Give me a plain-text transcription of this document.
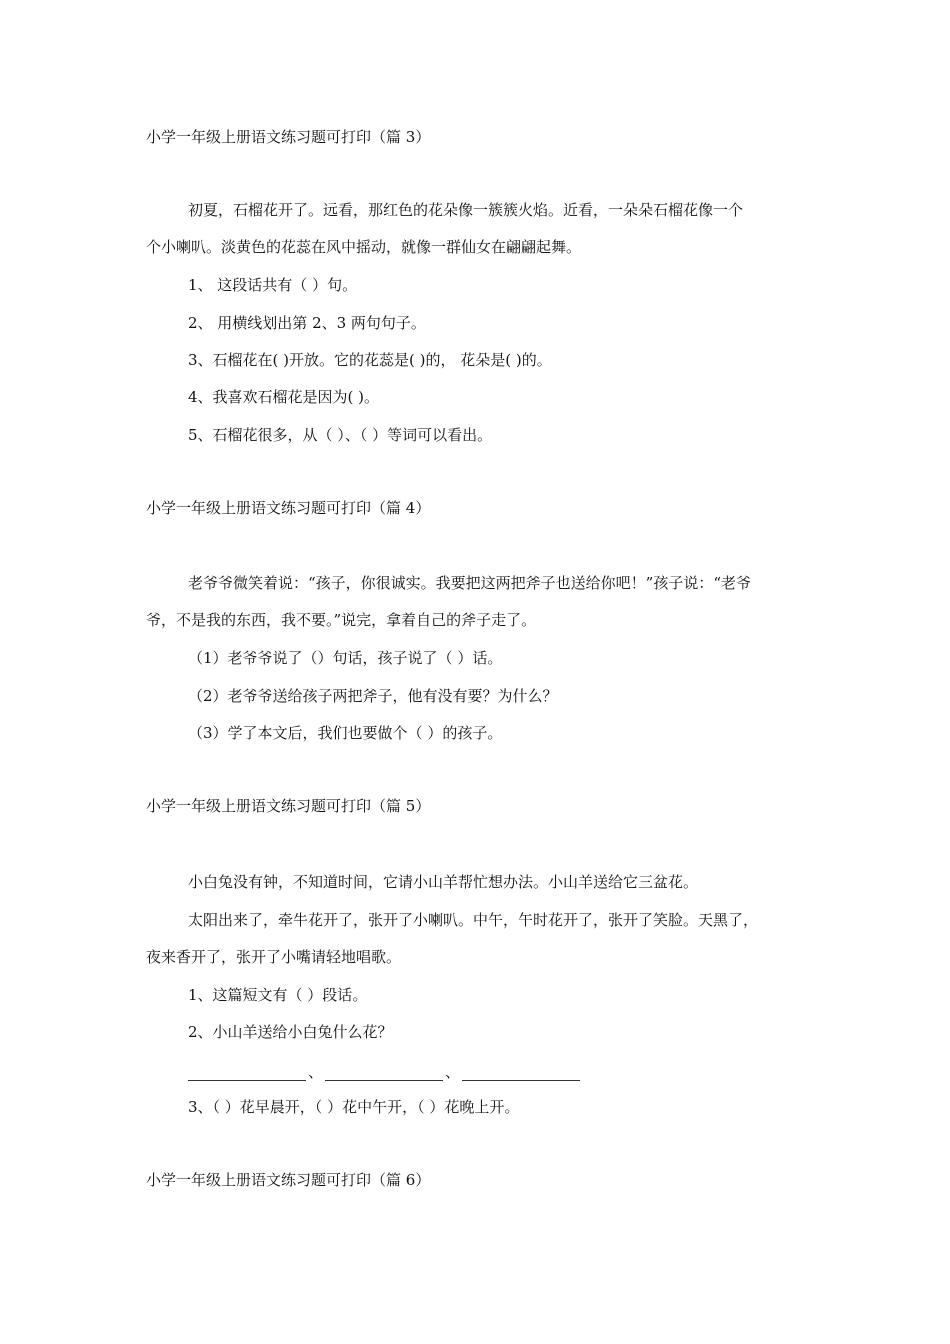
小学一年级上册语文练习题可打印（篇 3）
初夏，石榴花开了。远看，那红色的花朵像一簇簇火焰。近看，一朵朵石榴花像一个
个小喇叭。淡黄色的花蕊在风中摇动，就像一群仙女在翩翩起舞。
1、 这段话共有（ ）句。
2、 用横线划出第 2、3 两句句子。
3、石榴花在( )开放。它的花蕊是( )的， 花朵是( )的。
4、我喜欢石榴花是因为( )。
5、石榴花很多，从（ ）、（ ）等词可以看出。
小学一年级上册语文练习题可打印（篇 4）
老爷爷微笑着说：“孩子，你很诚实。我要把这两把斧子也送给你吧！”孩子说：“老爷
爷，不是我的东西，我不要。”说完，拿着自己的斧子走了。
（1）老爷爷说了（）句话，孩子说了（ ）话。
（2）老爷爷送给孩子两把斧子，他有没有要？为什么？
（3）学了本文后，我们也要做个（ ）的孩子。
小学一年级上册语文练习题可打印（篇 5）
小白兔没有钟，不知道时间，它请小山羊帮忙想办法。小山羊送给它三盆花。
太阳出来了，牵牛花开了，张开了小喇叭。中午，午时花开了，张开了笑脸。天黑了，
夜来香开了，张开了小嘴请轻地唱歌。
1、这篇短文有（ ）段话。
2、小山羊送给小白兔什么花？
、	、
3、（ ）花早晨开，（ ）花中午开，（ ）花晚上开。
小学一年级上册语文练习题可打印（篇 6）
